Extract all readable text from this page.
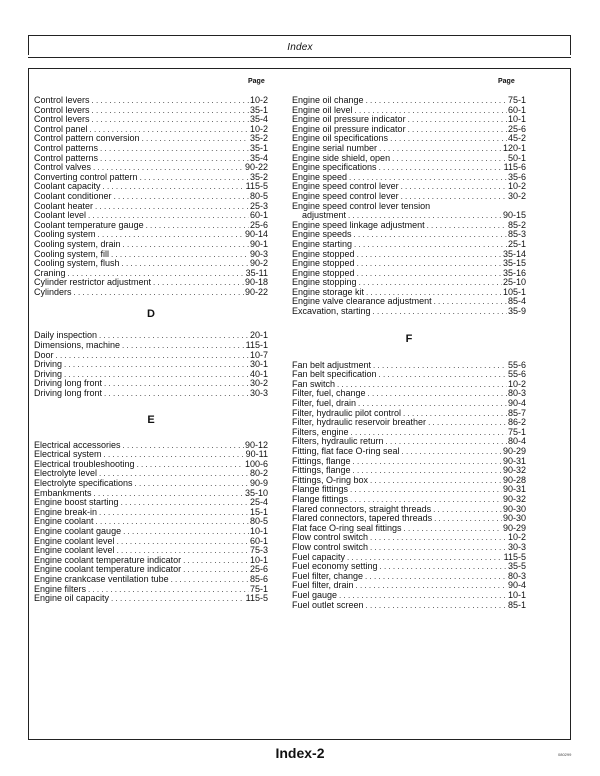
Index
Page	Page
Control levers . . .	10-2
Control levers . . .	35-1
Control levers . . .	35-4
Control panel . . .	10-2
Control pattern conversion . . .	35-2
Control patterns . . .	35-1
Control patterns . . .	35-4
Control valves . . .	90-22
Converting control pattern . . .	35-2
Coolant capacity . . .	115-5
Coolant conditioner . . .	80-5
Coolant heater . . .	25-3
Coolant level . . .	60-1
Coolant temperature gauge . . .	25-6
Cooling system . . .	90-14
Cooling system, drain . . .	90-1
Cooling system, fill . . .	90-3
Cooling system, flush . . .	90-2
Craning . . .	35-11
Cylinder restrictor adjustment . . .	90-18
Cylinders . . .	90-22
D
Daily inspection . . .	20-1
Dimensions, machine . . .	115-1
Door . . .	10-7
Driving . . .	30-1
Driving . . .	40-1
Driving long front . . .	30-2
Driving long front . . .	30-3
E
Electrical accessories . . .	90-12
Electrical system . . .	90-11
Electrical troubleshooting . . .	100-6
Electrolyte level . . .	80-2
Electrolyte specifications . . .	90-9
Embankments . . .	35-10
Engine boost starting . . .	25-4
Engine break-in . . .	15-1
Engine coolant . . .	80-5
Engine coolant gauge . . .	10-1
Engine coolant level . . .	60-1
Engine coolant level . . .	75-3
Engine coolant temperature indicator . . .	10-1
Engine coolant temperature indicator . . .	25-6
Engine crankcase ventilation tube . . .	85-6
Engine filters . . .	75-1
Engine oil capacity . . .	115-5
Engine oil change . . .	75-1
Engine oil level . . .	60-1
Engine oil pressure indicator . . .	10-1
Engine oil pressure indicator . . .	25-6
Engine oil specifications . . .	45-2
Engine serial number . . .	120-1
Engine side shield, open . . .	50-1
Engine specifications . . .	115-6
Engine speed . . .	35-6
Engine speed control lever . . .	10-2
Engine speed control lever . . .	30-2
Engine speed control lever tension
adjustment . . .	90-15
Engine speed linkage adjustment . . .	85-2
Engine speeds . . .	85-3
Engine starting . . .	25-1
Engine stopped . . .	35-14
Engine stopped . . .	35-15
Engine stopped . . .	35-16
Engine stopping . . .	25-10
Engine storage kit . . .	105-1
Engine valve clearance adjustment . . .	85-4
Excavation, starting . . .	35-9
F
Fan belt adjustment . . .	55-6
Fan belt specification . . .	55-6
Fan switch . . .	10-2
Filter, fuel, change . . .	80-3
Filter, fuel, drain . . .	90-4
Filter, hydraulic pilot control . . .	85-7
Filter, hydraulic reservoir breather . . .	86-2
Filters, engine . . .	75-1
Filters, hydraulic return . . .	80-4
Fitting, flat face O-ring seal . . .	90-29
Fittings, flange . . .	90-31
Fittings, flange . . .	90-32
Fittings, O-ring box . . .	90-28
Flange fittings . . .	90-31
Flange fittings . . .	90-32
Flared connectors, straight threads . . .	90-30
Flared connectors, tapered threads . . .	90-30
Flat face O-ring seal fittings . . .	90-29
Flow control switch . . .	10-2
Flow control switch . . .	30-3
Fuel capacity . . .	115-5
Fuel economy setting . . .	35-5
Fuel filter, change . . .	80-3
Fuel filter, drain . . .	90-4
Fuel gauge . . .	10-1
Fuel outlet screen . . .	85-1
Index-2	080299
